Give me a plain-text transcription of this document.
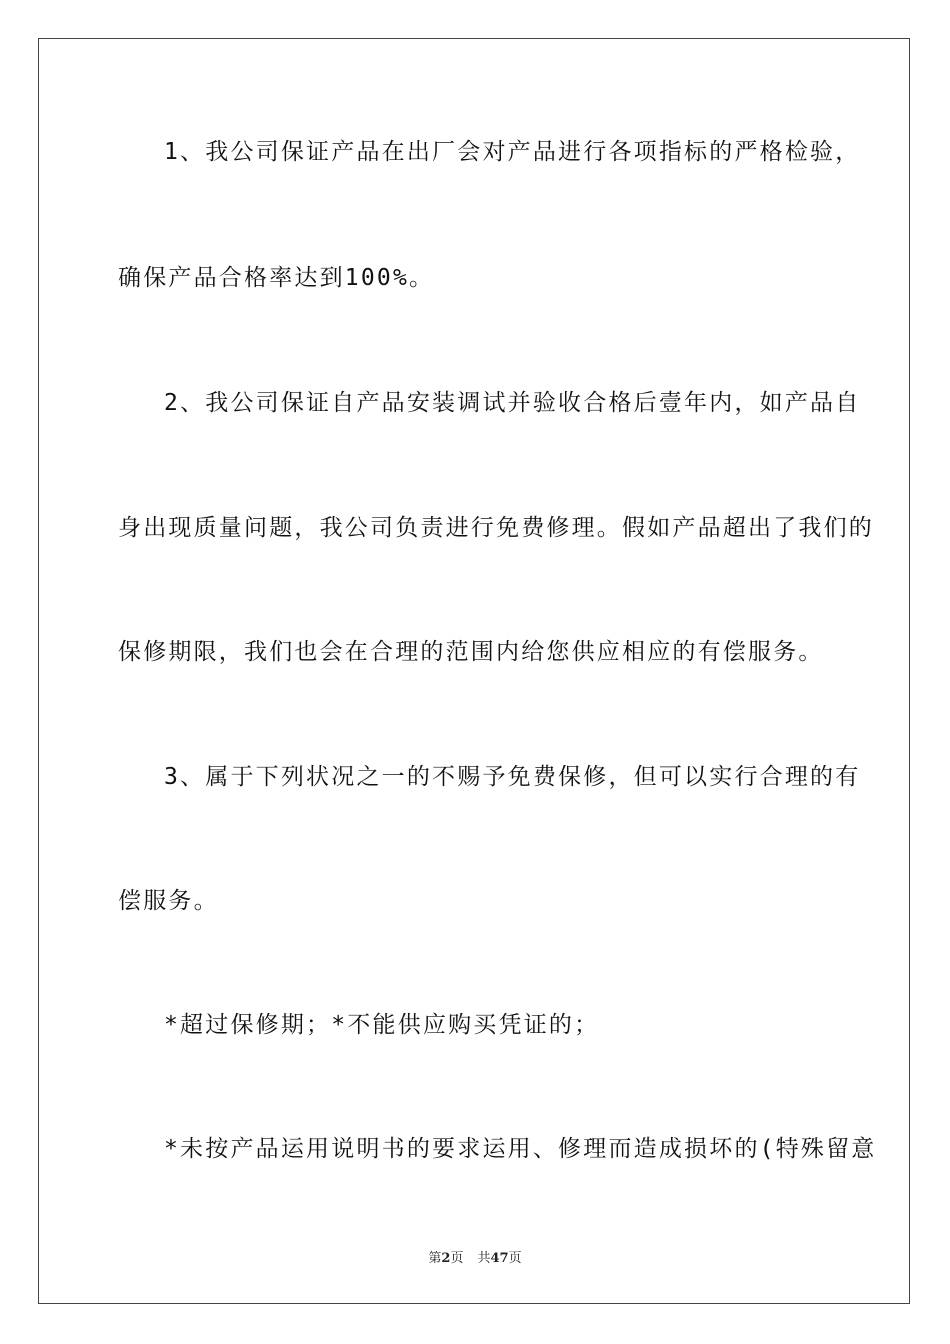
1、我公司保证产品在出厂会对产品进行各项指标的严格检验，
确保产品合格率达到100%。
2、我公司保证自产品安装调试并验收合格后壹年内，如产品自
身出现质量问题，我公司负责进行免费修理。假如产品超出了我们的
保修期限，我们也会在合理的范围内给您供应相应的有偿服务。
3、属于下列状况之一的不赐予免费保修，但可以实行合理的有
偿服务。
*超过保修期；*不能供应购买凭证的；
*未按产品运用说明书的要求运用、修理而造成损坏的(特殊留意
第2页 共47页
